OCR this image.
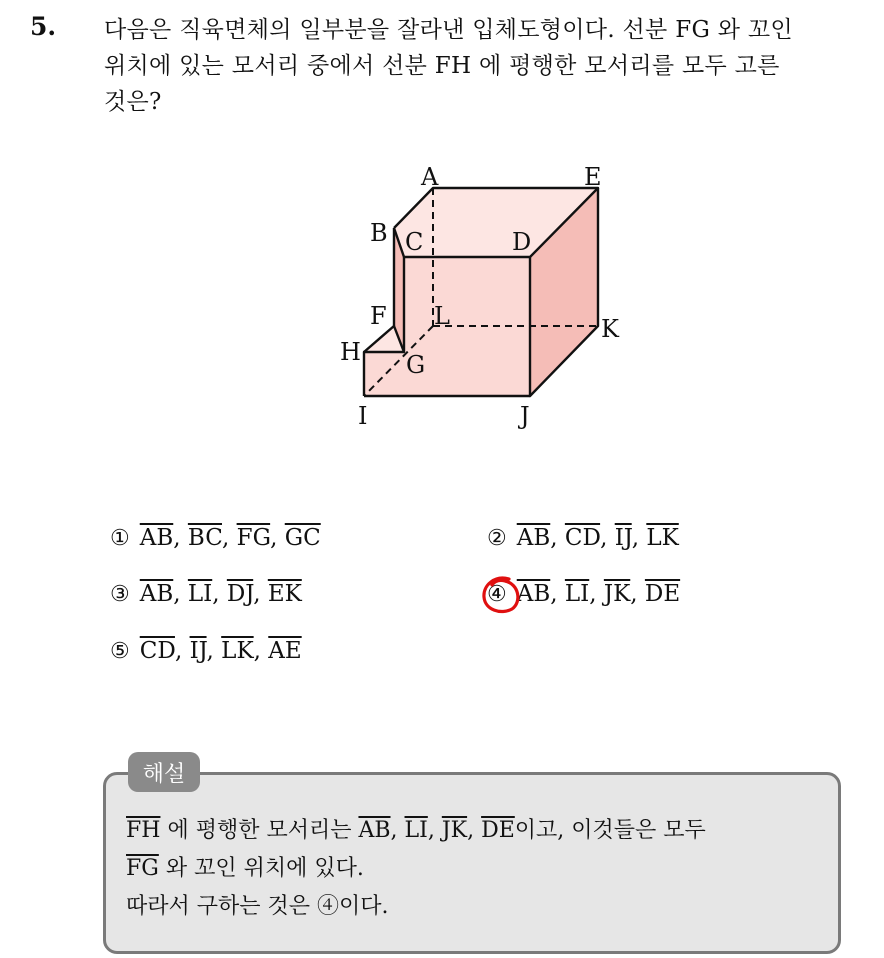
5. 다음은 직육면체의 일부분을 잘라낸 입체도형이다. 선분 FG 와 꼬인
위치에 있는 모서리 중에서 선분 FH 에 평행한 모서리를 모두 고른
것은?
A	E
B C	D
F L	K
H G
I	J
① $\overline{AB}$, $\overline{BC}$, $\overline{FG}$, $\overline{GC}$	② $\overline{AB}$, $\overline{CD}$, $\overline{IJ}$, $\overline{LK}$
③ $\overline{AB}$, $\overline{LI}$, $\overline{DJ}$, $\overline{EK}$	④ $\overline{AB}$, $\overline{LI}$, $\overline{JK}$, $\overline{DE}$
⑤ $\overline{CD}$, $\overline{IJ}$, $\overline{LK}$, $\overline{AE}$
해설
$\overline{FH}$ 에 평행한 모서리는 $\overline{AB}$, $\overline{LI}$, $\overline{JK}$, $\overline{DE}$이고, 이것들은 모두
$\overline{FG}$ 와 꼬인 위치에 있다.
따라서 구하는 것은 ④이다.
